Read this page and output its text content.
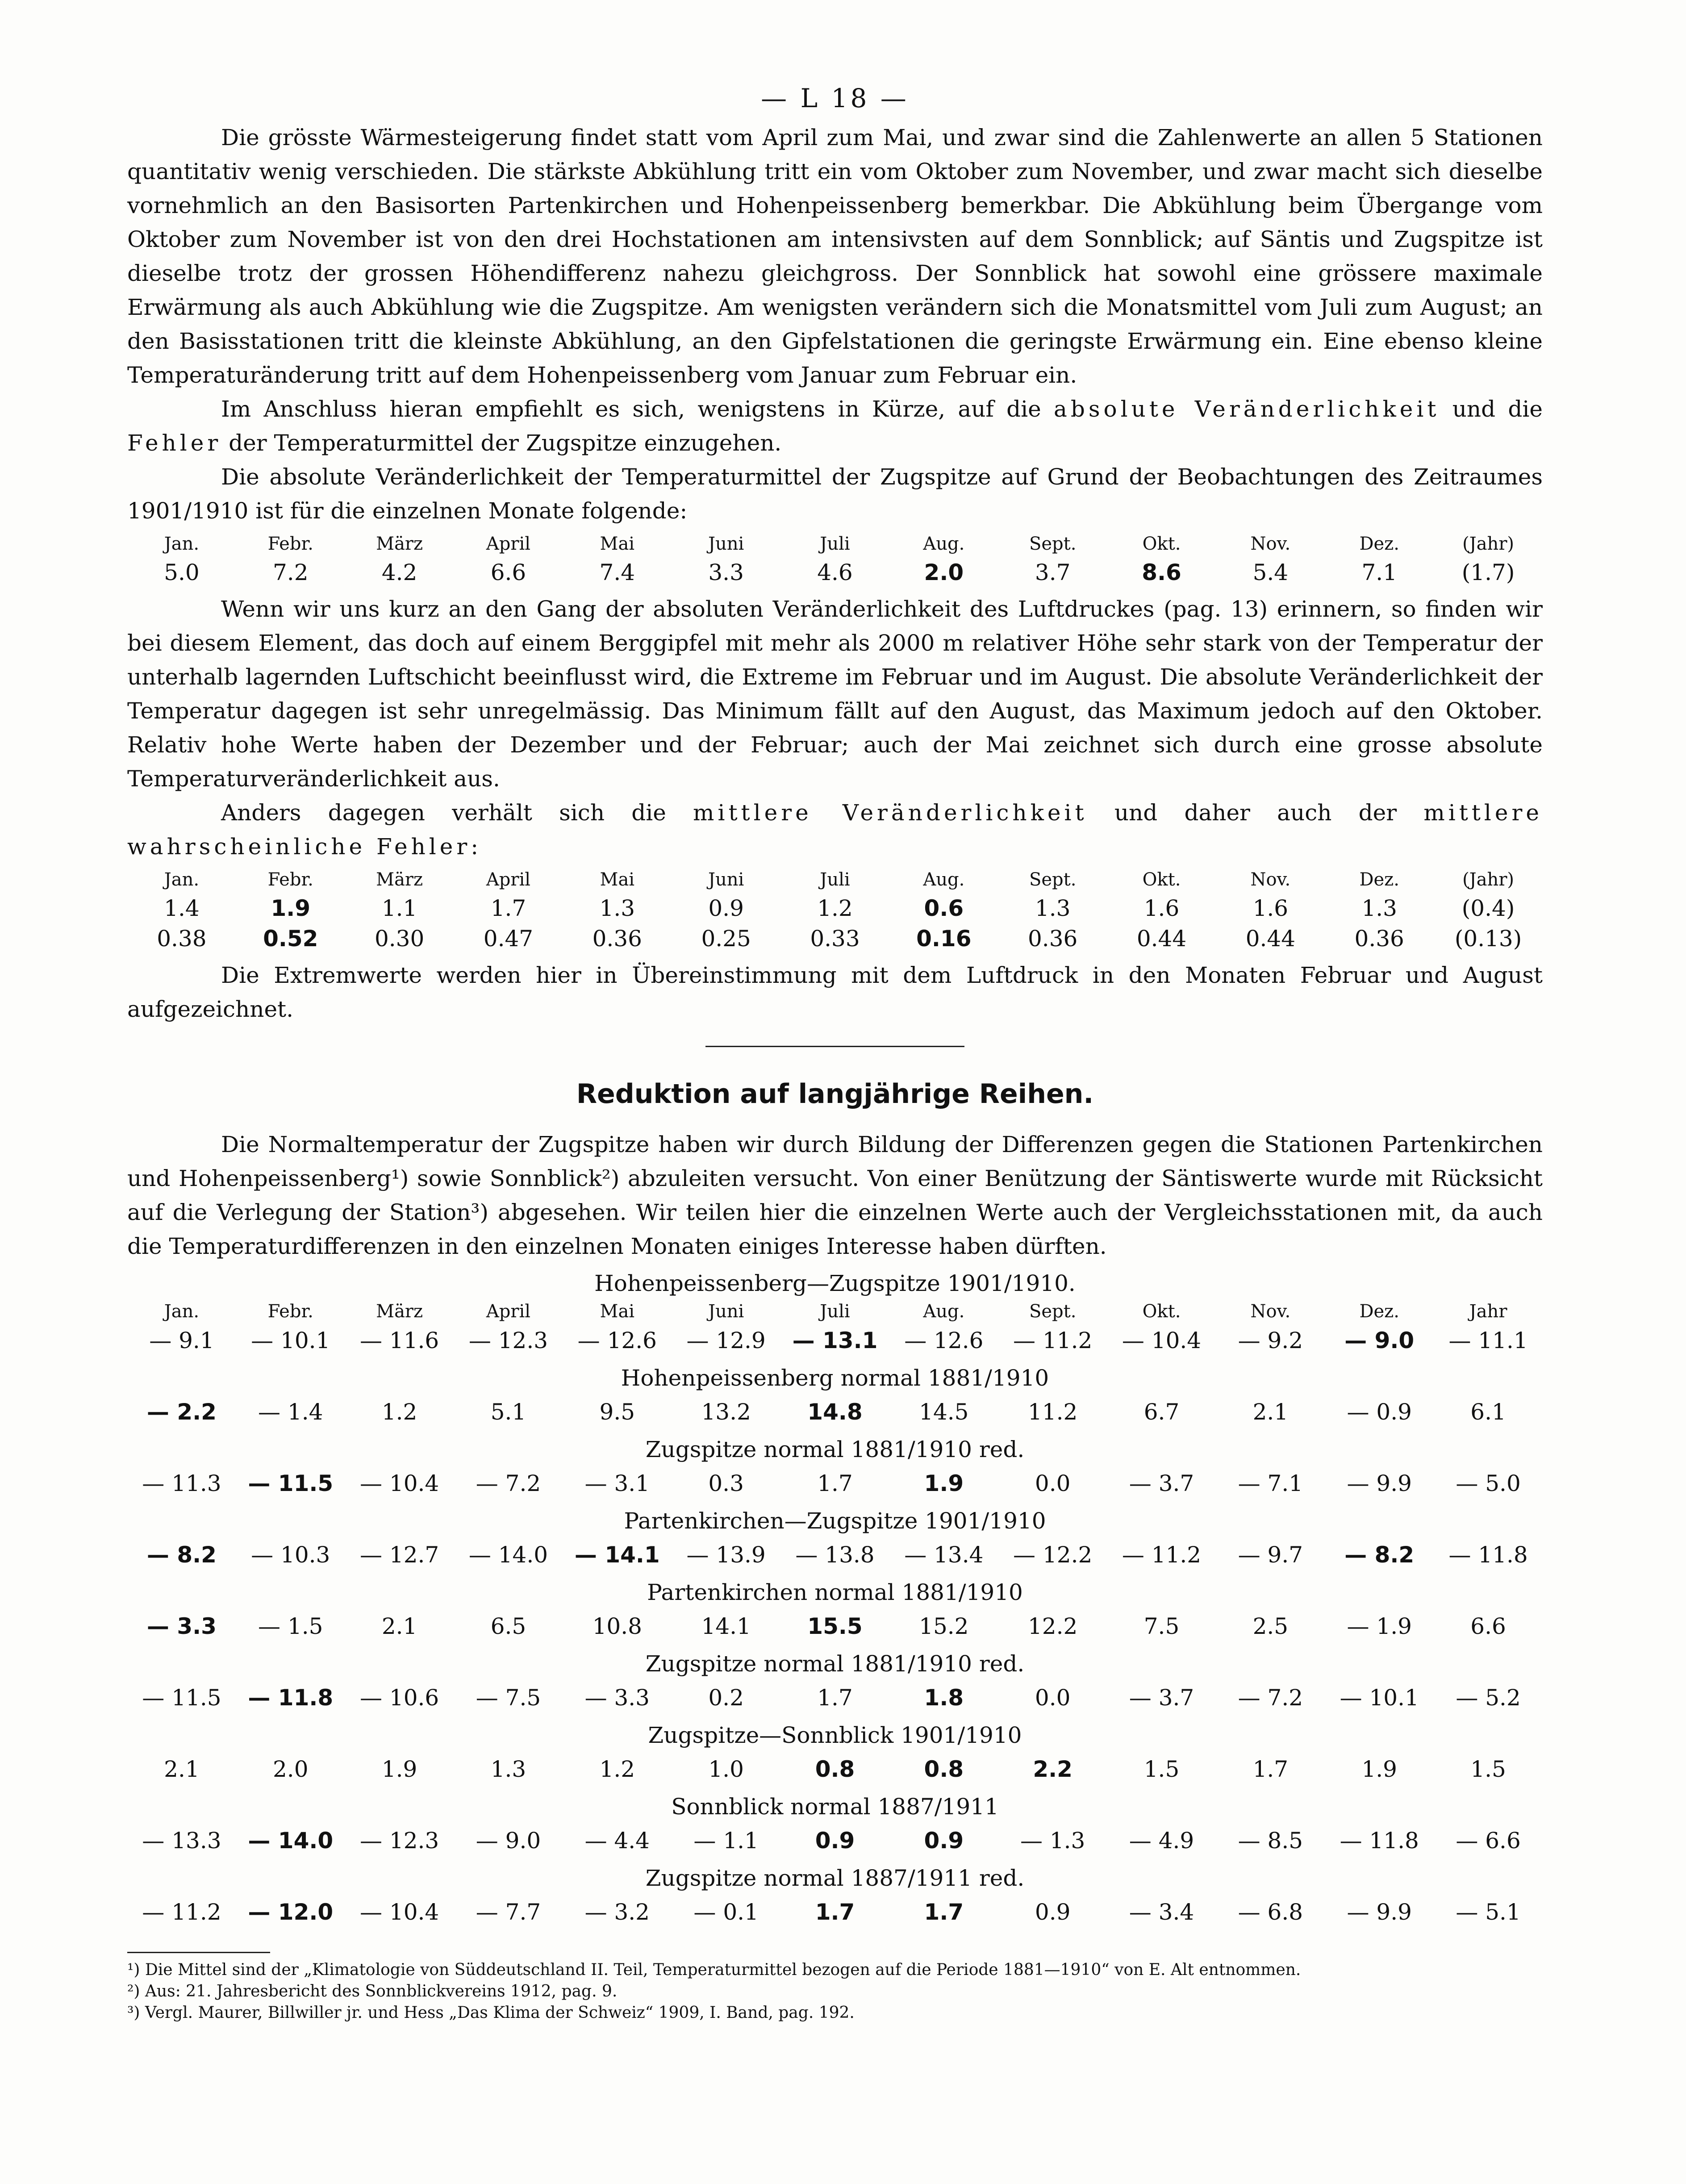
— L 18 —

Die grösste Wärmesteigerung findet statt vom April zum Mai, und zwar sind die Zahlenwerte an allen 5 Stationen quantitativ wenig verschieden. Die stärkste Abkühlung tritt ein vom Oktober zum November, und zwar macht sich dieselbe vornehmlich an den Basisorten Partenkirchen und Hohenpeissenberg bemerkbar. Die Abkühlung beim Übergange vom Oktober zum November ist von den drei Hochstationen am intensivsten auf dem Sonnblick; auf Säntis und Zugspitze ist dieselbe trotz der grossen Höhendifferenz nahezu gleichgross. Der Sonnblick hat sowohl eine grössere maximale Erwärmung als auch Abkühlung wie die Zugspitze. Am wenigsten verändern sich die Monatsmittel vom Juli zum August; an den Basisstationen tritt die kleinste Abkühlung, an den Gipfelstationen die geringste Erwärmung ein. Eine ebenso kleine Temperaturänderung tritt auf dem Hohenpeissenberg vom Januar zum Februar ein.

Im Anschluss hieran empfiehlt es sich, wenigstens in Kürze, auf die absolute Veränderlichkeit und die Fehler der Temperaturmittel der Zugspitze einzugehen.

Die absolute Veränderlichkeit der Temperaturmittel der Zugspitze auf Grund der Beobachtungen des Zeitraumes 1901/1910 ist für die einzelnen Monate folgende:

Jan.	Febr.	März	April	Mai	Juni	Juli	Aug.	Sept.	Okt.	Nov.	Dez.	(Jahr)
5.0	7.2	4.2	6.6	7.4	3.3	4.6	2.0	3.7	8.6	5.4	7.1	(1.7)

Wenn wir uns kurz an den Gang der absoluten Veränderlichkeit des Luftdruckes (pag. 13) erinnern, so finden wir bei diesem Element, das doch auf einem Berggipfel mit mehr als 2000 m relativer Höhe sehr stark von der Temperatur der unterhalb lagernden Luftschicht beeinflusst wird, die Extreme im Februar und im August. Die absolute Veränderlichkeit der Temperatur dagegen ist sehr unregelmässig. Das Minimum fällt auf den August, das Maximum jedoch auf den Oktober. Relativ hohe Werte haben der Dezember und der Februar; auch der Mai zeichnet sich durch eine grosse absolute Temperaturveränderlichkeit aus.

Anders dagegen verhält sich die mittlere Veränderlichkeit und daher auch der mittlere wahrscheinliche Fehler:

Jan.	Febr.	März	April	Mai	Juni	Juli	Aug.	Sept.	Okt.	Nov.	Dez.	(Jahr)
1.4	1.9	1.1	1.7	1.3	0.9	1.2	0.6	1.3	1.6	1.6	1.3	(0.4)
0.38	0.52	0.30	0.47	0.36	0.25	0.33	0.16	0.36	0.44	0.44	0.36	(0.13)

Die Extremwerte werden hier in Übereinstimmung mit dem Luftdruck in den Monaten Februar und August aufgezeichnet.

Reduktion auf langjährige Reihen.

Die Normaltemperatur der Zugspitze haben wir durch Bildung der Differenzen gegen die Stationen Partenkirchen und Hohenpeissenberg¹) sowie Sonnblick²) abzuleiten versucht. Von einer Benützung der Säntiswerte wurde mit Rücksicht auf die Verlegung der Station³) abgesehen. Wir teilen hier die einzelnen Werte auch der Vergleichsstationen mit, da auch die Temperaturdifferenzen in den einzelnen Monaten einiges Interesse haben dürften.

Hohenpeissenberg—Zugspitze 1901/1910.
Jan.	Febr.	März	April	Mai	Juni	Juli	Aug.	Sept.	Okt.	Nov.	Dez.	Jahr
— 9.1	— 10.1	— 11.6	— 12.3	— 12.6	— 12.9	— 13.1	— 12.6	— 11.2	— 10.4	— 9.2	— 9.0	— 11.1
Hohenpeissenberg normal 1881/1910
— 2.2	— 1.4	1.2	5.1	9.5	13.2	14.8	14.5	11.2	6.7	2.1	— 0.9	6.1
Zugspitze normal 1881/1910 red.
— 11.3	— 11.5	— 10.4	— 7.2	— 3.1	0.3	1.7	1.9	0.0	— 3.7	— 7.1	— 9.9	— 5.0
Partenkirchen—Zugspitze 1901/1910
— 8.2	— 10.3	— 12.7	— 14.0	— 14.1	— 13.9	— 13.8	— 13.4	— 12.2	— 11.2	— 9.7	— 8.2	— 11.8
Partenkirchen normal 1881/1910
— 3.3	— 1.5	2.1	6.5	10.8	14.1	15.5	15.2	12.2	7.5	2.5	— 1.9	6.6
Zugspitze normal 1881/1910 red.
— 11.5	— 11.8	— 10.6	— 7.5	— 3.3	0.2	1.7	1.8	0.0	— 3.7	— 7.2	— 10.1	— 5.2
Zugspitze—Sonnblick 1901/1910
2.1	2.0	1.9	1.3	1.2	1.0	0.8	0.8	2.2	1.5	1.7	1.9	1.5
Sonnblick normal 1887/1911
— 13.3	— 14.0	— 12.3	— 9.0	— 4.4	— 1.1	0.9	0.9	— 1.3	— 4.9	— 8.5	— 11.8	— 6.6
Zugspitze normal 1887/1911 red.
— 11.2	— 12.0	— 10.4	— 7.7	— 3.2	— 0.1	1.7	1.7	0.9	— 3.4	— 6.8	— 9.9	— 5.1

¹) Die Mittel sind der „Klimatologie von Süddeutschland II. Teil, Temperaturmittel bezogen auf die Periode 1881—1910“ von E. Alt entnommen.

²) Aus: 21. Jahresbericht des Sonnblickvereins 1912, pag. 9.

³) Vergl. Maurer, Billwiller jr. und Hess „Das Klima der Schweiz“ 1909, I. Band, pag. 192.
